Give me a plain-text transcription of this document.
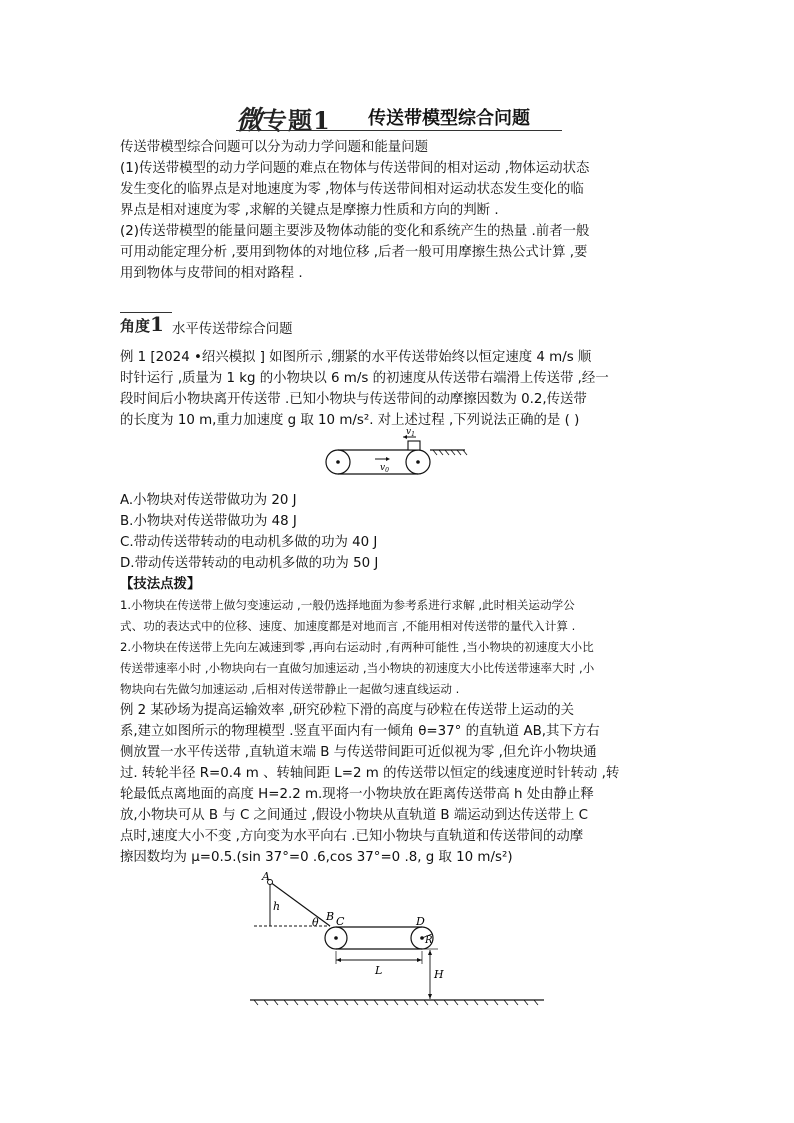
微专题1 传送带模型综合问题

传送带模型综合问题可以分为动力学问题和能量问题

(1)传送带模型的动力学问题的难点在物体与传送带间的相对运动 ,物体运动状态

发生变化的临界点是对地速度为零 ,物体与传送带间相对运动状态发生变化的临

界点是相对速度为零 ,求解的关键点是摩擦力性质和方向的判断 .

(2)传送带模型的能量问题主要涉及物体动能的变化和系统产生的热量 .前者一般

可用动能定理分析 ,要用到物体的对地位移 ,后者一般可用摩擦生热公式计算 ,要

用到物体与皮带间的相对路程 .

角度1 水平传送带综合问题

例 1 [2024 •绍兴模拟 ] 如图所示 ,绷紧的水平传送带始终以恒定速度 4 m/s 顺

时针运行 ,质量为 1 kg 的小物块以 6 m/s 的初速度从传送带右端滑上传送带 ,经一

段时间后小物块离开传送带 .已知小物块与传送带间的动摩擦因数为 0.2,传送带

的长度为 10 m,重力加速度 g 取 10 m/s². 对上述过程 ,下列说法正确的是 ( )

$v_1$
$v_0$

A.小物块对传送带做功为 20 J

B.小物块对传送带做功为 48 J

C.带动传送带转动的电动机多做的功为 40 J

D.带动传送带转动的电动机多做的功为 50 J

【技法点拨】

1.小物块在传送带上做匀变速运动 ,一般仍选择地面为参考系进行求解 ,此时相关运动学公

式、功的表达式中的位移、速度、加速度都是对地而言 ,不能用相对传送带的量代入计算 .

2.小物块在传送带上先向左减速到零 ,再向右运动时 ,有两种可能性 ,当小物块的初速度大小比

传送带速率小时 ,小物块向右一直做匀加速运动 ,当小物块的初速度大小比传送带速率大时 ,小

物块向右先做匀加速运动 ,后相对传送带静止一起做匀速直线运动 .

例 2 某砂场为提高运输效率 ,研究砂粒下滑的高度与砂粒在传送带上运动的关

系,建立如图所示的物理模型 .竖直平面内有一倾角 θ=37° 的直轨道 AB,其下方右

侧放置一水平传送带 ,直轨道末端 B 与传送带间距可近似视为零 ,但允许小物块通

过. 转轮半径 R=0.4 m 、转轴间距 L=2 m 的传送带以恒定的线速度逆时针转动 ,转

轮最低点离地面的高度 H=2.2 m.现将一小物块放在距离传送带高 h 处由静止释

放,小物块可从 B 与 C 之间通过 ,假设小物块从直轨道 B 端运动到达传送带上 C

点时,速度大小不变 ,方向变为水平向右 .已知小物块与直轨道和传送带间的动摩

擦因数均为 μ=0.5.(sin 37°=0 .6,cos 37°=0 .8, g 取 10 m/s²)

A
h
θ B C	D
R
L	H
